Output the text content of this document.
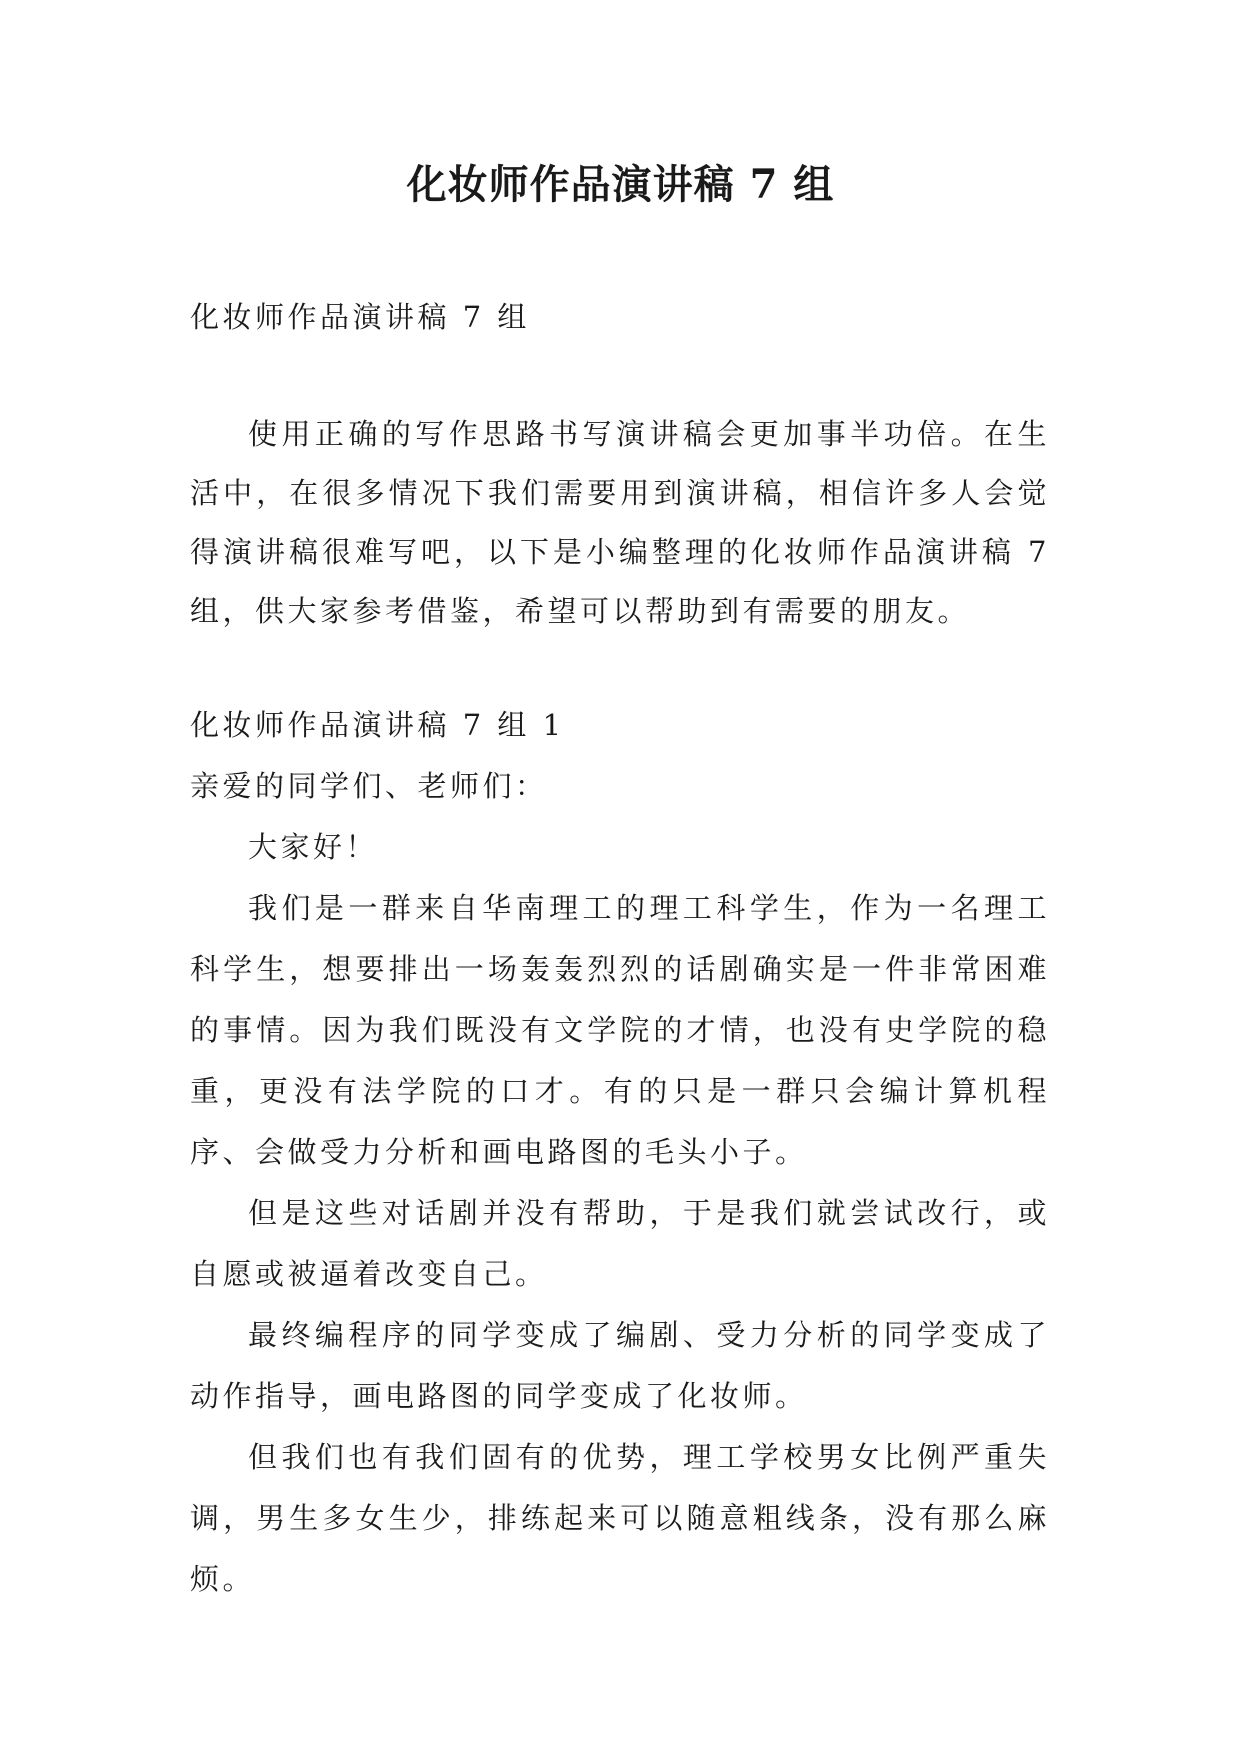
化妆师作品演讲稿 7 组

化妆师作品演讲稿 7 组

使用正确的写作思路书写演讲稿会更加事半功倍。在生活中，在很多情况下我们需要用到演讲稿，相信许多人会觉得演讲稿很难写吧，以下是小编整理的化妆师作品演讲稿 7 组，供大家参考借鉴，希望可以帮助到有需要的朋友。

化妆师作品演讲稿 7 组 1

亲爱的同学们、老师们：

大家好！

我们是一群来自华南理工的理工科学生，作为一名理工科学生，想要排出一场轰轰烈烈的话剧确实是一件非常困难的事情。因为我们既没有文学院的才情，也没有史学院的稳重，更没有法学院的口才。有的只是一群只会编计算机程序、会做受力分析和画电路图的毛头小子。

但是这些对话剧并没有帮助，于是我们就尝试改行，或自愿或被逼着改变自己。

最终编程序的同学变成了编剧、受力分析的同学变成了动作指导，画电路图的同学变成了化妆师。

但我们也有我们固有的优势，理工学校男女比例严重失调，男生多女生少，排练起来可以随意粗线条，没有那么麻烦。
